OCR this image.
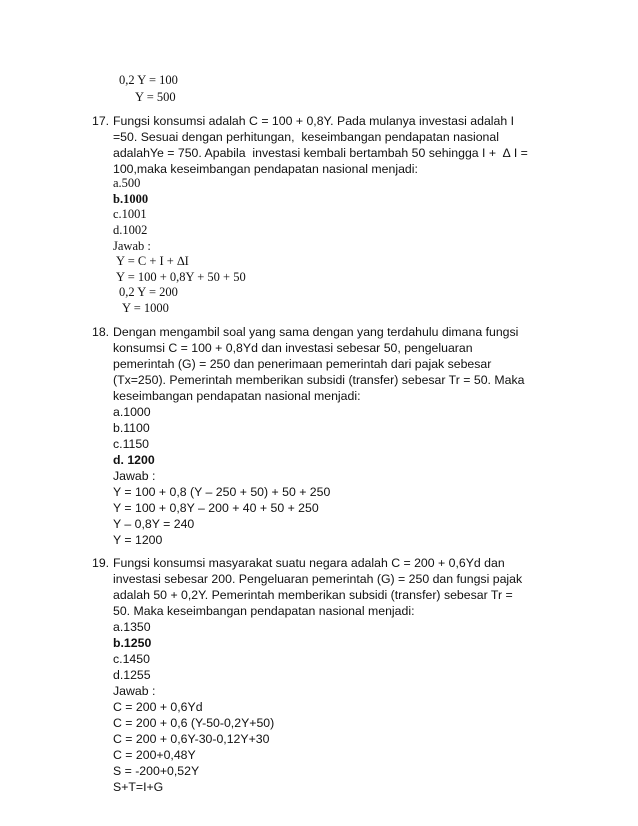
0,2 Y = 100
Y = 500
17. Fungsi konsumsi adalah C = 100 + 0,8Y. Pada mulanya investasi adalah I
=50. Sesuai dengan perhitungan,  keseimbangan pendapatan nasional
adalahYe = 750. Apabila  investasi kembali bertambah 50 sehingga I +  ∆ I =
100,maka keseimbangan pendapatan nasional menjadi:
a.500
b.1000
c.1001
d.1002
Jawab :
Y = C + I + ∆I
Y = 100 + 0,8Y + 50 + 50
0,2 Y = 200
Y = 1000
18. Dengan mengambil soal yang sama dengan yang terdahulu dimana fungsi
konsumsi C = 100 + 0,8Yd dan investasi sebesar 50, pengeluaran
pemerintah (G) = 250 dan penerimaan pemerintah dari pajak sebesar
(Tx=250). Pemerintah memberikan subsidi (transfer) sebesar Tr = 50. Maka
keseimbangan pendapatan nasional menjadi:
a.1000
b.1100
c.1150
d. 1200
Jawab :
Y = 100 + 0,8 (Y – 250 + 50) + 50 + 250
Y = 100 + 0,8Y – 200 + 40 + 50 + 250
Y – 0,8Y = 240
Y = 1200
19. Fungsi konsumsi masyarakat suatu negara adalah C = 200 + 0,6Yd dan
investasi sebesar 200. Pengeluaran pemerintah (G) = 250 dan fungsi pajak
adalah 50 + 0,2Y. Pemerintah memberikan subsidi (transfer) sebesar Tr =
50. Maka keseimbangan pendapatan nasional menjadi:
a.1350
b.1250
c.1450
d.1255
Jawab :
C = 200 + 0,6Yd
C = 200 + 0,6 (Y-50-0,2Y+50)
C = 200 + 0,6Y-30-0,12Y+30
C = 200+0,48Y
S = -200+0,52Y
S+T=I+G
